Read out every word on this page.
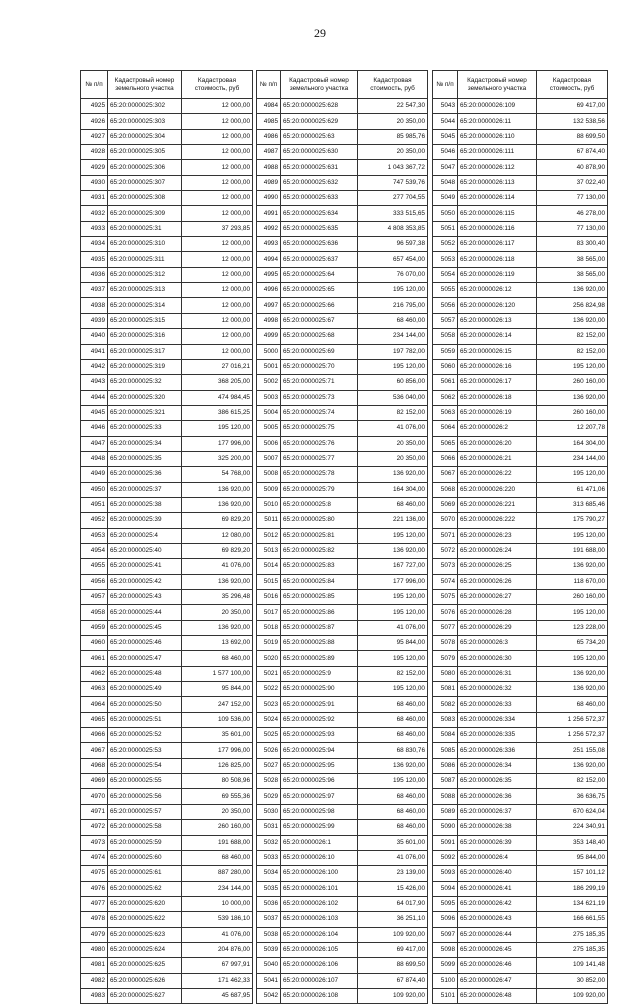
29
№ п/п	Кадастровый номер земельного участка	Кадастровая стоимость, руб
4925	65:20:0000025:302	12 000,00
4926	65:20:0000025:303	12 000,00
4927	65:20:0000025:304	12 000,00
4928	65:20:0000025:305	12 000,00
4929	65:20:0000025:306	12 000,00
4930	65:20:0000025:307	12 000,00
4931	65:20:0000025:308	12 000,00
4932	65:20:0000025:309	12 000,00
4933	65:20:0000025:31	37 293,85
4934	65:20:0000025:310	12 000,00
4935	65:20:0000025:311	12 000,00
4936	65:20:0000025:312	12 000,00
4937	65:20:0000025:313	12 000,00
4938	65:20:0000025:314	12 000,00
4939	65:20:0000025:315	12 000,00
4940	65:20:0000025:316	12 000,00
4941	65:20:0000025:317	12 000,00
4942	65:20:0000025:319	27 016,21
4943	65:20:0000025:32	368 205,00
4944	65:20:0000025:320	474 984,45
4945	65:20:0000025:321	386 615,25
4946	65:20:0000025:33	195 120,00
4947	65:20:0000025:34	177 996,00
4948	65:20:0000025:35	325 200,00
4949	65:20:0000025:36	54 768,00
4950	65:20:0000025:37	136 920,00
4951	65:20:0000025:38	136 920,00
4952	65:20:0000025:39	69 829,20
4953	65:20:0000025:4	12 080,00
4954	65:20:0000025:40	69 829,20
4955	65:20:0000025:41	41 076,00
4956	65:20:0000025:42	136 920,00
4957	65:20:0000025:43	35 296,48
4958	65:20:0000025:44	20 350,00
4959	65:20:0000025:45	136 920,00
4960	65:20:0000025:46	13 692,00
4961	65:20:0000025:47	68 460,00
4962	65:20:0000025:48	1 577 100,00
4963	65:20:0000025:49	95 844,00
4964	65:20:0000025:50	247 152,00
4965	65:20:0000025:51	109 536,00
4966	65:20:0000025:52	35 601,00
4967	65:20:0000025:53	177 996,00
4968	65:20:0000025:54	126 825,00
4969	65:20:0000025:55	80 508,96
4970	65:20:0000025:56	69 555,36
4971	65:20:0000025:57	20 350,00
4972	65:20:0000025:58	260 160,00
4973	65:20:0000025:59	191 688,00
4974	65:20:0000025:60	68 460,00
4975	65:20:0000025:61	887 280,00
4976	65:20:0000025:62	234 144,00
4977	65:20:0000025:620	10 000,00
4978	65:20:0000025:622	539 186,10
4979	65:20:0000025:623	41 076,00
4980	65:20:0000025:624	204 876,00
4981	65:20:0000025:625	67 997,91
4982	65:20:0000025:626	171 462,33
4983	65:20:0000025:627	45 687,95
№ п/п	Кадастровый номер земельного участка	Кадастровая стоимость, руб
4984	65:20:0000025:628	22 547,30
4985	65:20:0000025:629	20 350,00
4986	65:20:0000025:63	85 985,76
4987	65:20:0000025:630	20 350,00
4988	65:20:0000025:631	1 043 367,72
4989	65:20:0000025:632	747 539,76
4990	65:20:0000025:633	277 704,55
4991	65:20:0000025:634	333 515,65
4992	65:20:0000025:635	4 808 353,85
4993	65:20:0000025:636	96 597,38
4994	65:20:0000025:637	657 454,00
4995	65:20:0000025:64	76 070,00
4996	65:20:0000025:65	195 120,00
4997	65:20:0000025:66	216 795,00
4998	65:20:0000025:67	68 460,00
4999	65:20:0000025:68	234 144,00
5000	65:20:0000025:69	197 782,00
5001	65:20:0000025:70	195 120,00
5002	65:20:0000025:71	60 856,00
5003	65:20:0000025:73	536 040,00
5004	65:20:0000025:74	82 152,00
5005	65:20:0000025:75	41 076,00
5006	65:20:0000025:76	20 350,00
5007	65:20:0000025:77	20 350,00
5008	65:20:0000025:78	136 920,00
5009	65:20:0000025:79	164 304,00
5010	65:20:0000025:8	68 460,00
5011	65:20:0000025:80	221 136,00
5012	65:20:0000025:81	195 120,00
5013	65:20:0000025:82	136 920,00
5014	65:20:0000025:83	167 727,00
5015	65:20:0000025:84	177 996,00
5016	65:20:0000025:85	195 120,00
5017	65:20:0000025:86	195 120,00
5018	65:20:0000025:87	41 076,00
5019	65:20:0000025:88	95 844,00
5020	65:20:0000025:89	195 120,00
5021	65:20:0000025:9	82 152,00
5022	65:20:0000025:90	195 120,00
5023	65:20:0000025:91	68 460,00
5024	65:20:0000025:92	68 460,00
5025	65:20:0000025:93	68 460,00
5026	65:20:0000025:94	68 830,76
5027	65:20:0000025:95	136 920,00
5028	65:20:0000025:96	195 120,00
5029	65:20:0000025:97	68 460,00
5030	65:20:0000025:98	68 460,00
5031	65:20:0000025:99	68 460,00
5032	65:20:0000026:1	35 601,00
5033	65:20:0000026:10	41 076,00
5034	65:20:0000026:100	23 139,00
5035	65:20:0000026:101	15 426,00
5036	65:20:0000026:102	64 017,90
5037	65:20:0000026:103	36 251,10
5038	65:20:0000026:104	109 920,00
5039	65:20:0000026:105	69 417,00
5040	65:20:0000026:106	88 699,50
5041	65:20:0000026:107	67 874,40
5042	65:20:0000026:108	109 920,00
№ п/п	Кадастровый номер земельного участка	Кадастровая стоимость, руб
5043	65:20:0000026:109	69 417,00
5044	65:20:0000026:11	132 538,56
5045	65:20:0000026:110	88 699,50
5046	65:20:0000026:111	67 874,40
5047	65:20:0000026:112	40 878,90
5048	65:20:0000026:113	37 022,40
5049	65:20:0000026:114	77 130,00
5050	65:20:0000026:115	46 278,00
5051	65:20:0000026:116	77 130,00
5052	65:20:0000026:117	83 300,40
5053	65:20:0000026:118	38 565,00
5054	65:20:0000026:119	38 565,00
5055	65:20:0000026:12	136 920,00
5056	65:20:0000026:120	256 824,98
5057	65:20:0000026:13	136 920,00
5058	65:20:0000026:14	82 152,00
5059	65:20:0000026:15	82 152,00
5060	65:20:0000026:16	195 120,00
5061	65:20:0000026:17	260 160,00
5062	65:20:0000026:18	136 920,00
5063	65:20:0000026:19	260 160,00
5064	65:20:0000026:2	12 207,78
5065	65:20:0000026:20	164 304,00
5066	65:20:0000026:21	234 144,00
5067	65:20:0000026:22	195 120,00
5068	65:20:0000026:220	61 471,06
5069	65:20:0000026:221	313 685,46
5070	65:20:0000026:222	175 790,27
5071	65:20:0000026:23	195 120,00
5072	65:20:0000026:24	191 688,00
5073	65:20:0000026:25	136 920,00
5074	65:20:0000026:26	118 670,00
5075	65:20:0000026:27	260 160,00
5076	65:20:0000026:28	195 120,00
5077	65:20:0000026:29	123 228,00
5078	65:20:0000026:3	65 734,20
5079	65:20:0000026:30	195 120,00
5080	65:20:0000026:31	136 920,00
5081	65:20:0000026:32	136 920,00
5082	65:20:0000026:33	68 460,00
5083	65:20:0000026:334	1 256 572,37
5084	65:20:0000026:335	1 256 572,37
5085	65:20:0000026:336	251 155,08
5086	65:20:0000026:34	136 920,00
5087	65:20:0000026:35	82 152,00
5088	65:20:0000026:36	36 636,75
5089	65:20:0000026:37	670 624,04
5090	65:20:0000026:38	224 340,91
5091	65:20:0000026:39	353 148,40
5092	65:20:0000026:4	95 844,00
5093	65:20:0000026:40	157 101,12
5094	65:20:0000026:41	186 299,19
5095	65:20:0000026:42	134 621,19
5096	65:20:0000026:43	166 661,55
5097	65:20:0000026:44	275 185,35
5098	65:20:0000026:45	275 185,35
5099	65:20:0000026:46	109 141,48
5100	65:20:0000026:47	30 852,00
5101	65:20:0000026:48	109 920,00
